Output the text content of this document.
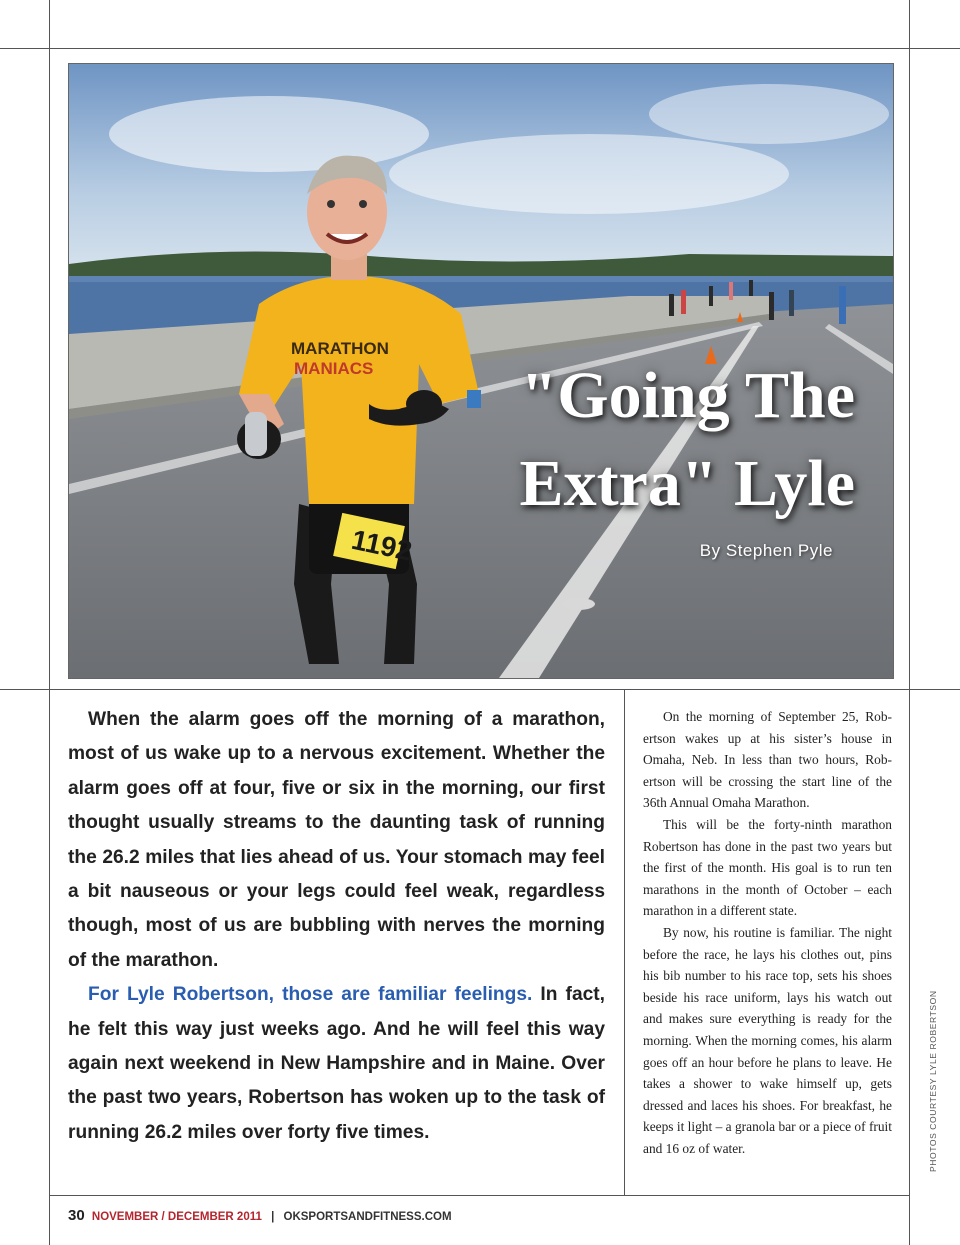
1192
MARATHON
MANIACS	"Going The
Extra" Lyle
By Stephen Pyle

When the alarm goes off the morning of a marathon, most of us wake up to a nervous excitement. Whether the alarm goes off at four, five or six in the morning, our first thought usually streams to the daunting task of running the 26.2 miles that lies ahead of us. Your stomach may feel a bit nauseous or your legs could feel weak, regardless though, most of us are bubbling with nerves the morning of the marathon.

For Lyle Robertson, those are familiar feelings. In fact, he felt this way just weeks ago. And he will feel this way again next weekend in New Hampshire and in Maine. Over the past two years, Robertson has woken up to the task of running 26.2 miles over forty five times.

On the morning of September 25, Rob-ertson wakes up at his sister’s house in Omaha, Neb. In less than two hours, Rob-ertson will be crossing the start line of the 36th Annual Omaha Marathon.

This will be the forty-ninth marathon Robertson has done in the past two years but the first of the month. His goal is to run ten marathons in the month of October – each marathon in a different state.

By now, his routine is familiar. The night before the race, he lays his clothes out, pins his bib number to his race top, sets his shoes beside his race uniform, lays his watch out and makes sure everything is ready for the morning. When the morning comes, his alarm goes off an hour before he plans to leave. He takes a shower to wake himself up, gets dressed and laces his shoes. For breakfast, he keeps it light – a granola bar or a piece of fruit and 16 oz of water.	PHOTOS COURTESY LYLE ROBERTSON
30 NOVEMBER / DECEMBER 2011 | OKSPORTSANDFITNESS.COM
